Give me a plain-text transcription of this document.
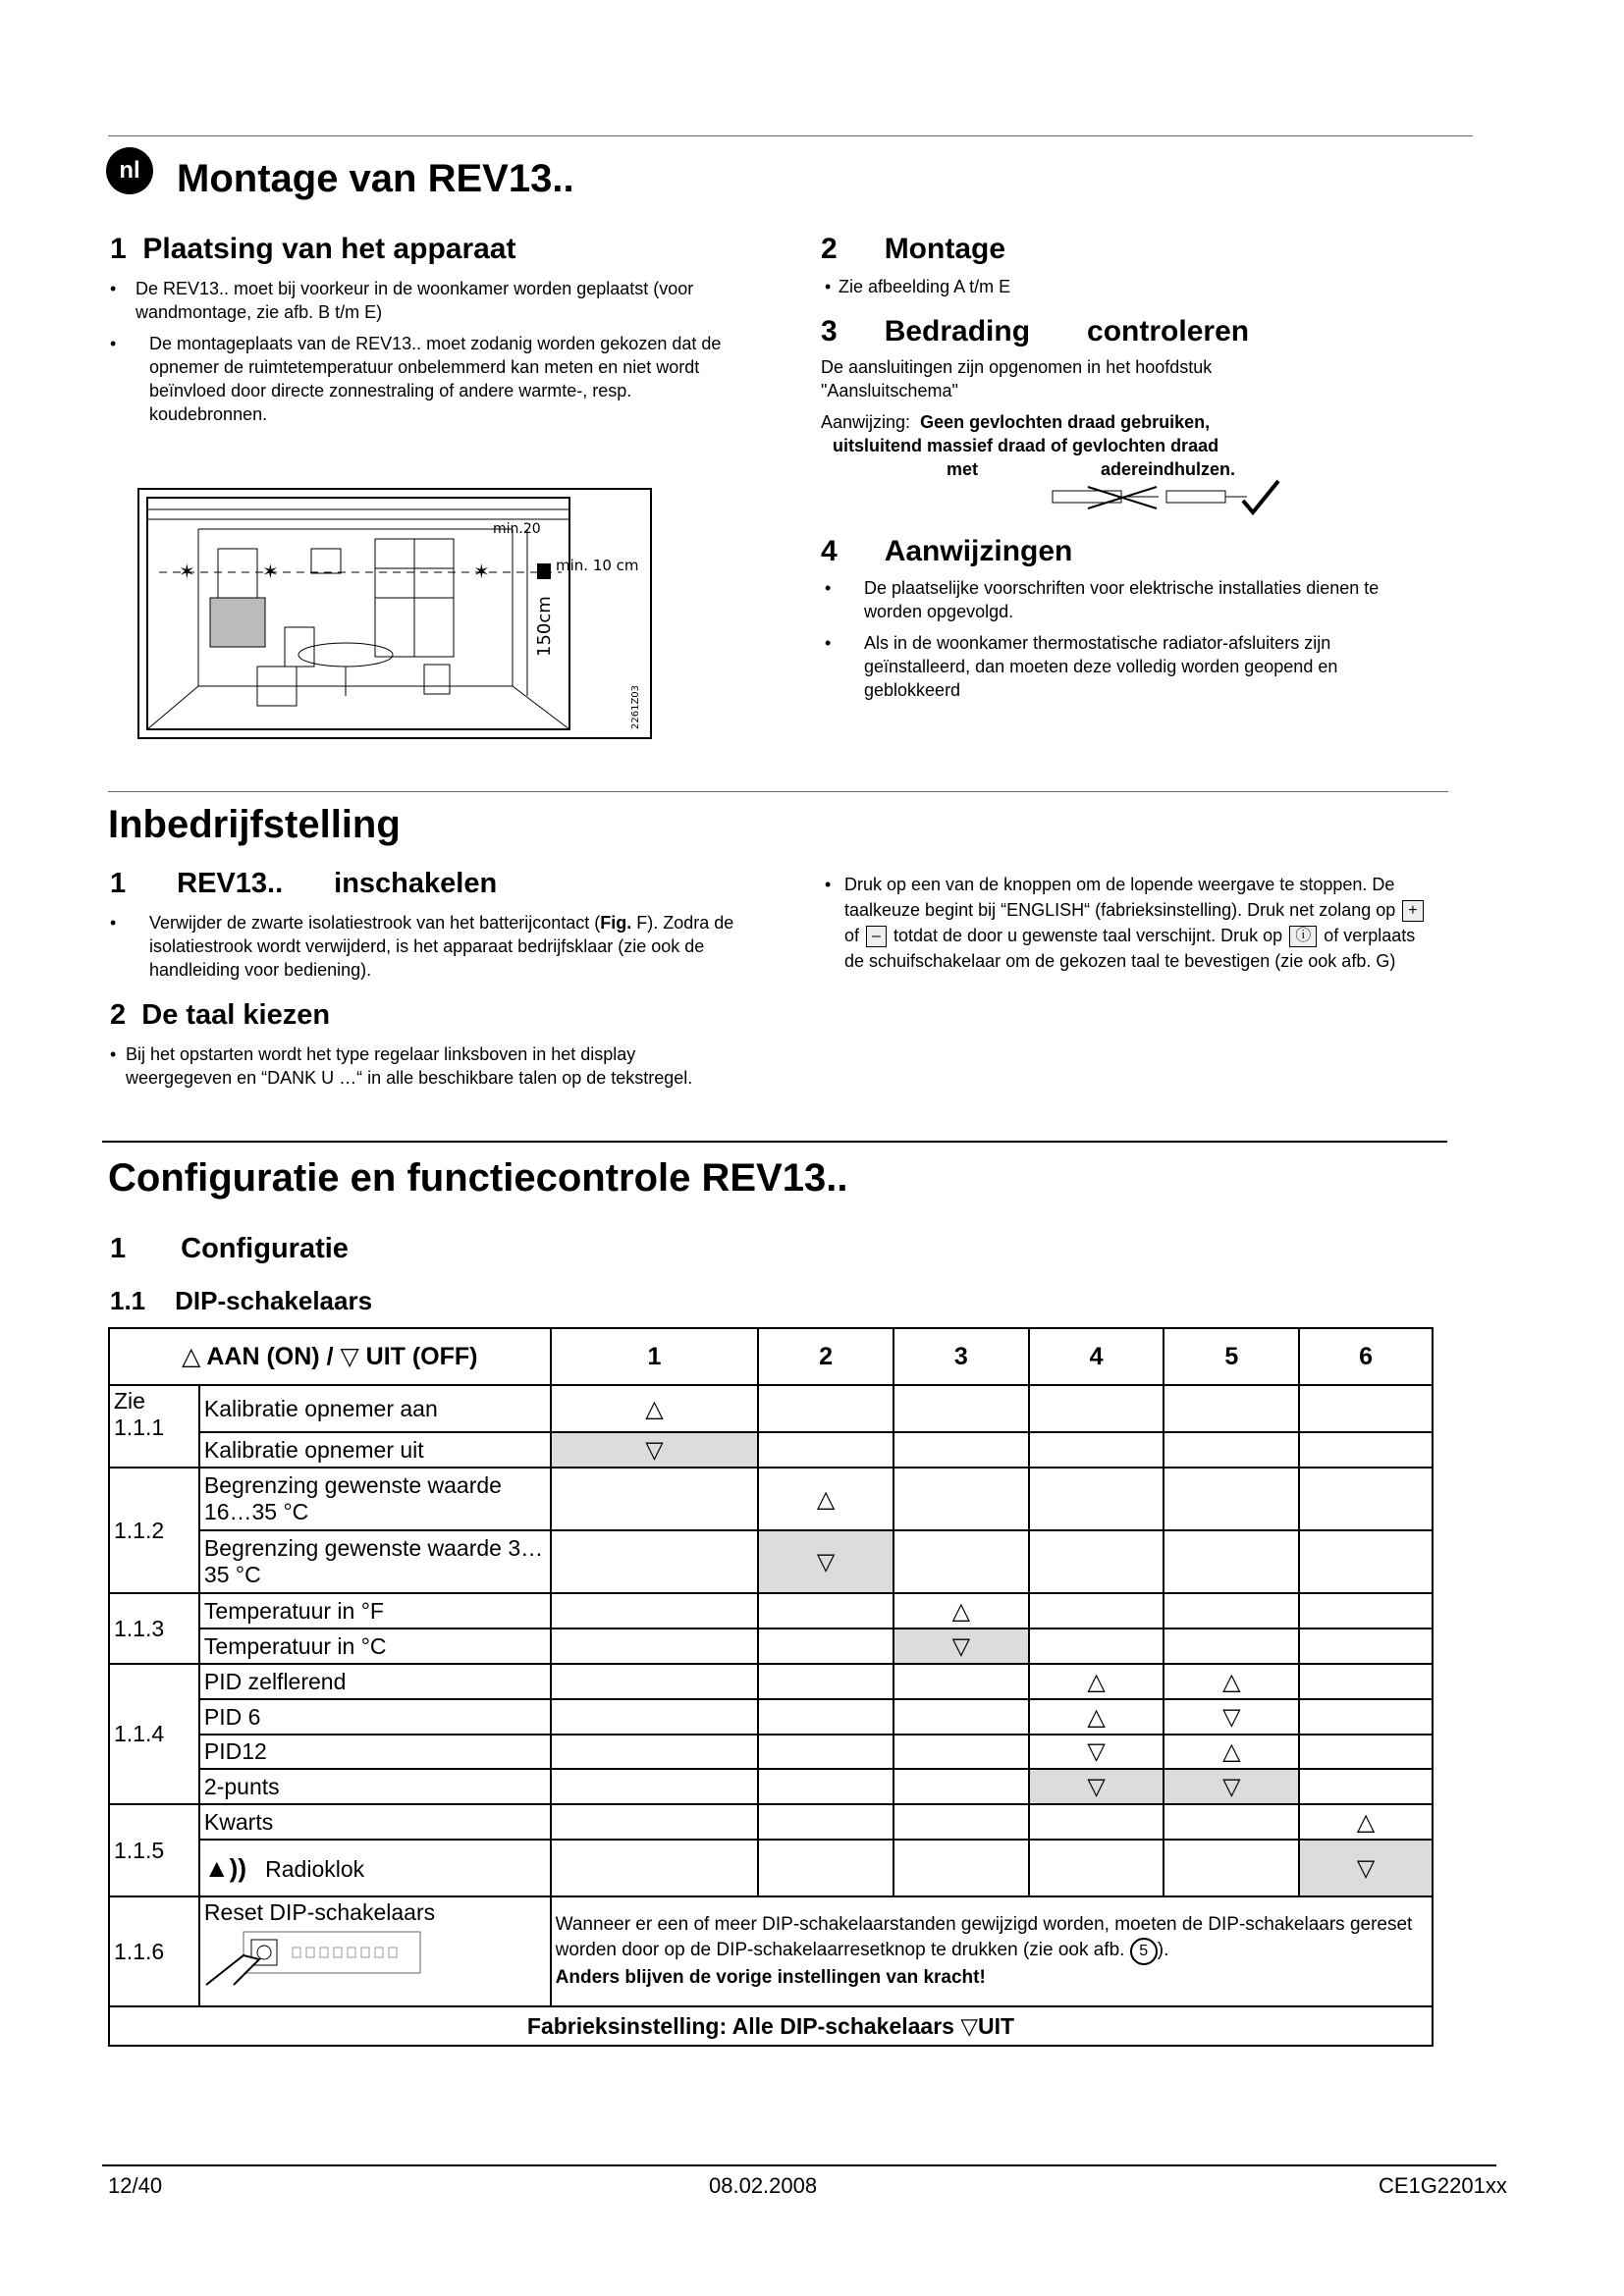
nl Montage van REV13..
1 Plaatsing van het apparaat
• De REV13.. moet bij voorkeur in de woonkamer worden geplaatst (voor wandmontage, zie afb. B t/m E)
• De montageplaats van de REV13.. moet zodanig worden gekozen dat de opnemer de ruimtetemperatuur onbelemmerd kan meten en niet wordt beïnvloed door directe zonnestraling of andere warmte-, resp. koudebronnen.
✶	✶	✶
min.20
min. 10 cm
150cm
2261Z03
2 Montage
• Zie afbeelding A t/m E
3 Bedrading controleren
De aansluitingen zijn opgenomen in het hoofdstuk "Aansluitschema"
Aanwijzing: Geen gevlochten draad gebruiken,
uitsluitend massief draad of gevlochten draad
met	adereindhulzen.
4 Aanwijzingen
• De plaatselijke voorschriften voor elektrische installaties dienen te worden opgevolgd.
• Als in de woonkamer thermostatische radiator-afsluiters zijn geïnstalleerd, dan moeten deze volledig worden geopend en geblokkeerd
Inbedrijfstelling
1 REV13.. inschakelen
• Verwijder de zwarte isolatiestrook van het batterijcontact (Fig. F). Zodra de isolatiestrook wordt verwijderd, is het apparaat bedrijfsklaar (zie ook de handleiding voor bediening).
2 De taal kiezen
• Bij het opstarten wordt het type regelaar linksboven in het display weergegeven en “DANK U …“ in alle beschikbare talen op de tekstregel.
• Druk op een van de knoppen om de lopende weergave te stoppen. De taalkeuze begint bij “ENGLISH“ (fabrieksinstelling). Druk net zolang op + of – totdat de door u gewenste taal verschijnt. Druk op ⓘ of verplaats de schuifschakelaar om de gekozen taal te bevestigen (zie ook afb. G)
Configuratie en functiecontrole REV13..
1 Configuratie
1.1 DIP-schakelaars
△ AAN (ON) / ▽ UIT (OFF)		1	2	3	4	5	6
Zie 1.1.1	Kalibratie opnemer aan	△					
	Kalibratie opnemer uit	▽					
1.1.2	Begrenzing gewenste waarde 16…35 °C		△				
	Begrenzing gewenste waarde 3…35 °C		▽				
1.1.3	Temperatuur in °F			△			
	Temperatuur in °C			▽			
1.1.4	PID zelflerend				△	△	
	PID 6				△	▽	
	PID12				▽	△	
	2-punts				▽	▽	
1.1.5	Kwarts						△
	▲)) Radioklok						▽
1.1.6	Reset DIP-schakelaars	Wanneer er een of meer DIP-schakelaarstanden gewijzigd worden, moeten de DIP-schakelaars gereset worden door op de DIP-schakelaarresetknop te drukken (zie ook afb. 5 ).
Anders blijven de vorige instellingen van kracht!					
Fabrieksinstelling: Alle DIP-schakelaars ▽UIT							
12/40	08.02.2008	CE1G2201xx
